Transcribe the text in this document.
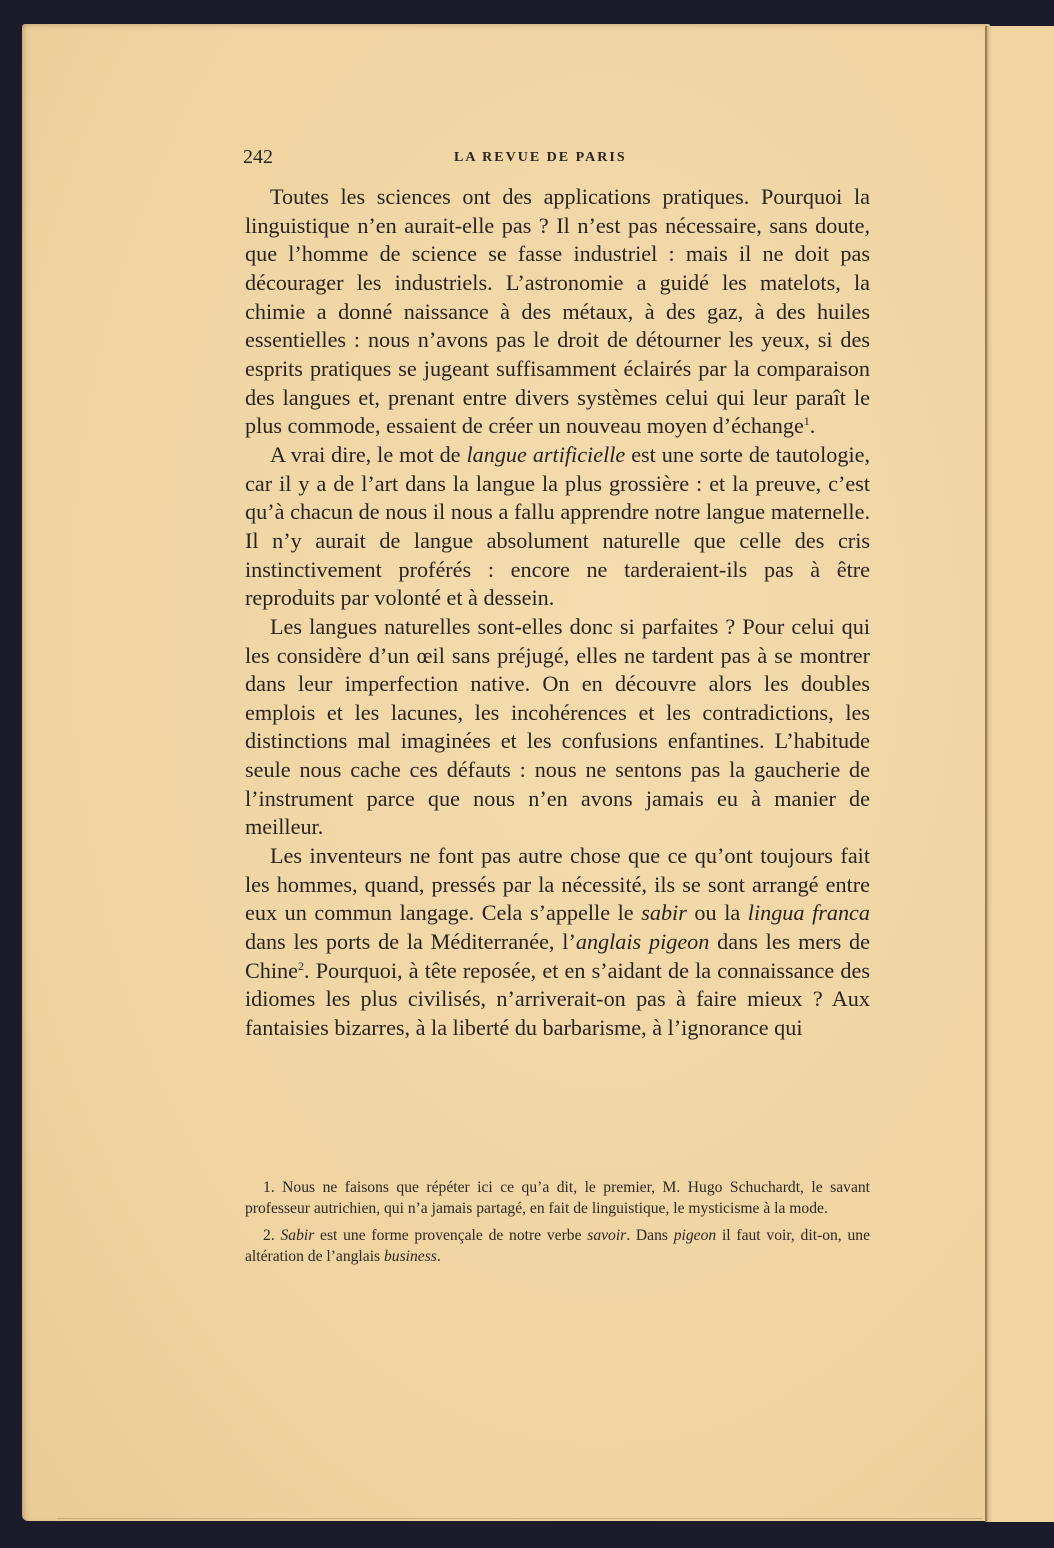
242	LA REVUE DE PARIS

Toutes les sciences ont des applications pratiques. Pourquoi la linguistique n’en aurait-elle pas ? Il n’est pas nécessaire, sans doute, que l’homme de science se fasse industriel : mais il ne doit pas décourager les industriels. L’astronomie a guidé les matelots, la chimie a donné naissance à des métaux, à des gaz, à des huiles essentielles : nous n’avons pas le droit de détourner les yeux, si des esprits pratiques se jugeant suffisamment éclairés par la comparaison des langues et, prenant entre divers systèmes celui qui leur paraît le plus commode, essaient de créer un nouveau moyen d’échange$^1$.

A vrai dire, le mot de langue artificielle est une sorte de tautologie, car il y a de l’art dans la langue la plus grossière : et la preuve, c’est qu’à chacun de nous il nous a fallu apprendre notre langue maternelle. Il n’y aurait de langue absolument naturelle que celle des cris instinctivement proférés : encore ne tarderaient-ils pas à être reproduits par volonté et à dessein.

Les langues naturelles sont-elles donc si parfaites ? Pour celui qui les considère d’un œil sans préjugé, elles ne tardent pas à se montrer dans leur imperfection native. On en découvre alors les doubles emplois et les lacunes, les incohérences et les contradictions, les distinctions mal imaginées et les confusions enfantines. L’habitude seule nous cache ces défauts : nous ne sentons pas la gaucherie de l’instrument parce que nous n’en avons jamais eu à manier de meilleur.

Les inventeurs ne font pas autre chose que ce qu’ont toujours fait les hommes, quand, pressés par la nécessité, ils se sont arrangé entre eux un commun langage. Cela s’appelle le sabir ou la lingua franca dans les ports de la Méditerranée, l’anglais pigeon dans les mers de Chine$^2$. Pourquoi, à tête reposée, et en s’aidant de la connaissance des idiomes les plus civilisés, n’arriverait-on pas à faire mieux ? Aux fantaisies bizarres, à la liberté du barbarisme, à l’ignorance qui

1. Nous ne faisons que répéter ici ce qu’a dit, le premier, M. Hugo Schuchardt, le savant professeur autrichien, qui n’a jamais partagé, en fait de linguistique, le mysticisme à la mode.

2. Sabir est une forme provençale de notre verbe savoir. Dans pigeon il faut voir, dit-on, une altération de l’anglais business.
